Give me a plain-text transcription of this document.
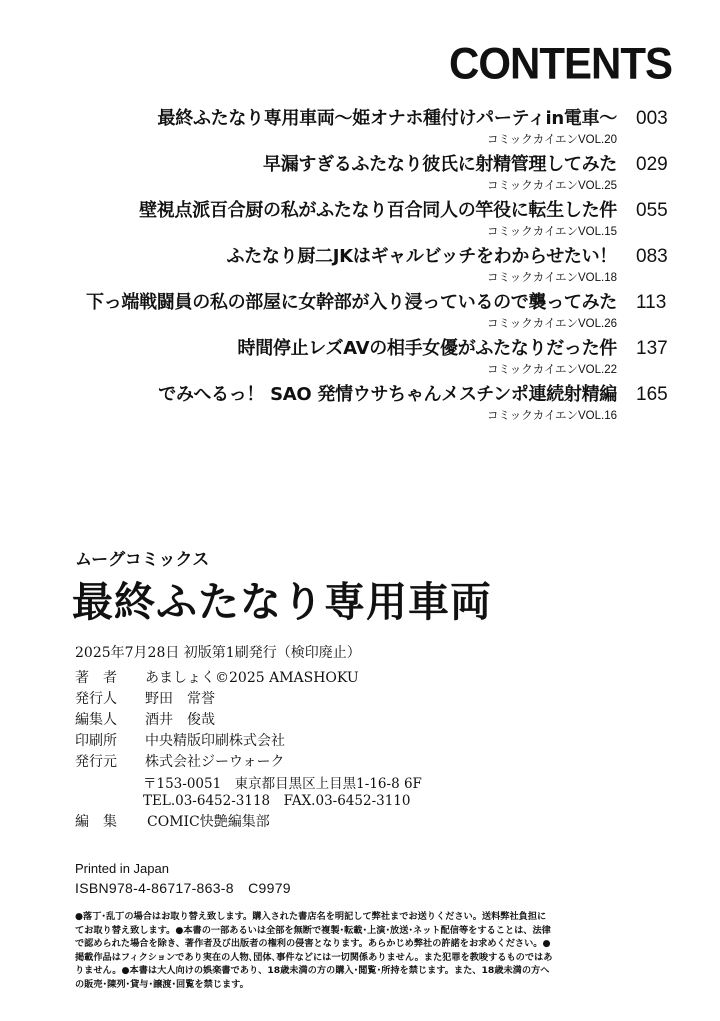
CONTENTS
最終ふたなり専用車両〜姫オナホ種付けパーティin電車〜 003
コミックカイエンVOL.20
早漏すぎるふたなり彼氏に射精管理してみた 029
コミックカイエンVOL.25
壁視点派百合厨の私がふたなり百合同人の竿役に転生した件 055
コミックカイエンVOL.15
ふたなり厨二JKはギャルビッチをわからせたい！ 083
コミックカイエンVOL.18
下っ端戦闘員の私の部屋に女幹部が入り浸っているので襲ってみた 113
コミックカイエンVOL.26
時間停止レズAVの相手女優がふたなりだった件 137
コミックカイエンVOL.22
でみへるっ！ SAO 発情ウサちゃんメスチンポ連続射精編 165
コミックカイエンVOL.16
ムーグコミックス
最終ふたなり専用車両
2025年7月28日 初版第1刷発行（検印廃止）
著　者	あましょく©2025 AMASHOKU
発行人	野田　常誉
編集人	酒井　俊哉
印刷所	中央精版印刷株式会社
発行元	株式会社ジーウォーク
〒153-0051　東京都目黒区上目黒1-16-8 6F
TEL.03-6452-3118　FAX.03-6452-3110
編　集	COMIC快艶編集部
Printed in Japan
ISBN978-4-86717-863-8　C9979
●落丁･乱丁の場合はお取り替え致します。購入された書店名を明記して弊社までお送りください。送料弊社負担にてお取り替え致します。●本書の一部あるいは全部を無断で複製･転載･上演･放送･ネット配信等をすることは、法律で認められた場合を除き、著作者及び出版者の権利の侵害となります。あらかじめ弊社の許諾をお求めください。●掲載作品はフィクションであり実在の人物､団体､事件などには一切関係ありません。また犯罪を教唆するものではありません。●本書は大人向けの娯楽書であり、18歳未満の方の購入･閲覧･所持を禁じます。また、18歳未満の方への販売･陳列･貸与･譲渡･回覧を禁じます。
